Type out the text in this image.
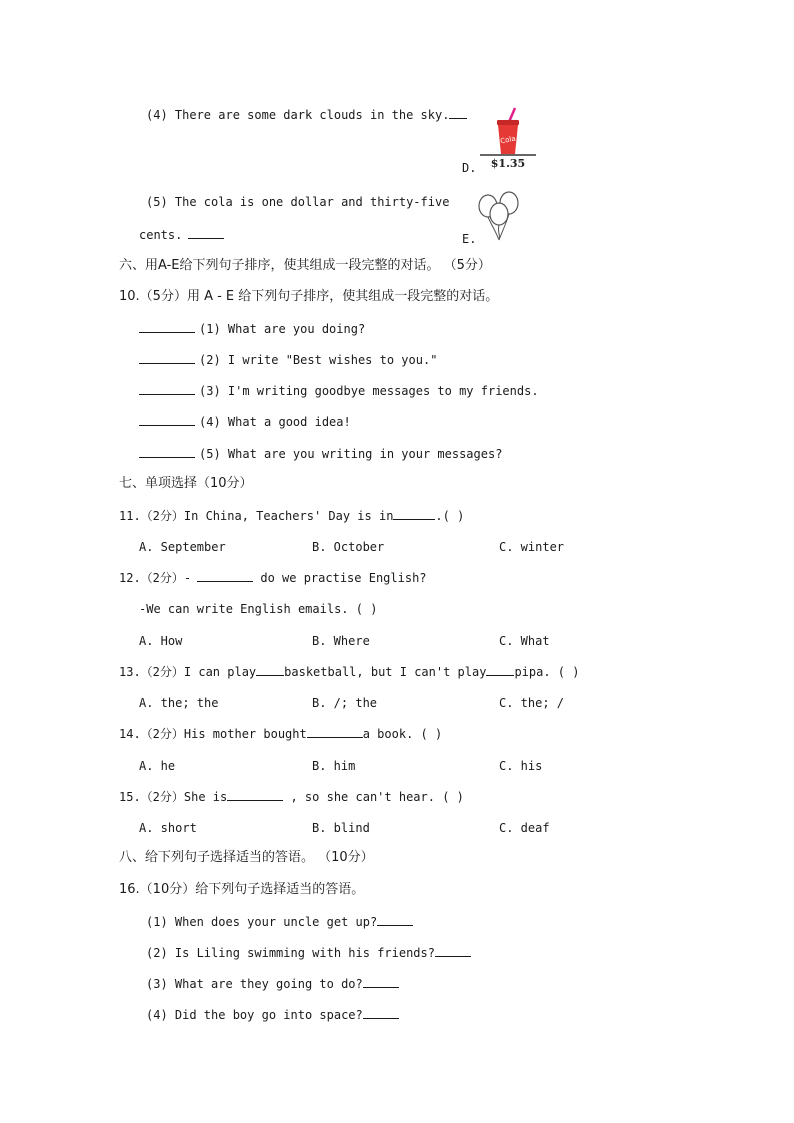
(4) There are some dark clouds in the sky.
Cola
$1.35
D.
(5) The cola is one dollar and thirty-five
cents.	E.
六、用A-E给下列句子排序，使其组成一段完整的对话。 （5分）
10.（5分）用 A - E 给下列句子排序，使其组成一段完整的对话。
(1) What are you doing?
(2) I write "Best wishes to you."
(3) I'm writing goodbye messages to my friends.
(4) What a good idea!
(5) What are you writing in your messages?
七、单项选择（10分）
11.（2分）In China, Teachers' Day is in	.( )
A. September	B. October	C. winter
12.（2分）-	do we practise English?
-We can write English emails. ( )
A. How	B. Where	C. What
13.（2分）I can play basketball, but I can't play pipa. ( )
A. the; the	B. /; the	C. the; /
14.（2分）His mother bought	a book. ( )
A. he	B. him	C. his
15.（2分）She is	, so she can't hear. ( )
A. short	B. blind	C. deaf
八、给下列句子选择适当的答语。 （10分）
16.（10分）给下列句子选择适当的答语。
(1) When does your uncle get up?
(2) Is Liling swimming with his friends?
(3) What are they going to do?
(4) Did the boy go into space?
